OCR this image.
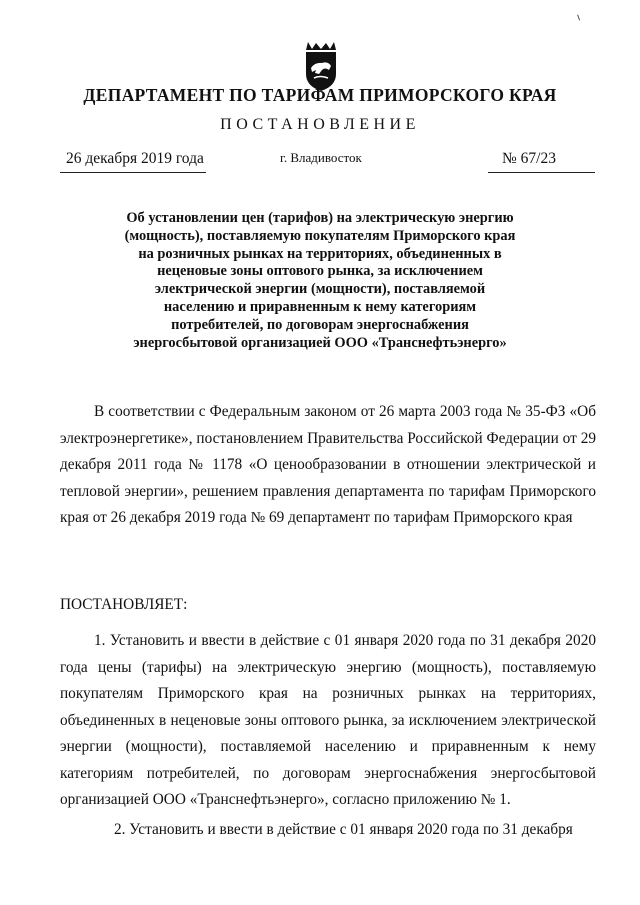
ДЕПАРТАМЕНТ ПО ТАРИФАМ ПРИМОРСКОГО КРАЯ
ПОСТАНОВЛЕНИЕ
26 декабря 2019 года	г. Владивосток	№ 67/23
Об установлении цен (тарифов) на электрическую энергию (мощность), поставляемую покупателям Приморского края на розничных рынках на территориях, объединенных в неценовые зоны оптового рынка, за исключением электрической энергии (мощности), поставляемой населению и приравненным к нему категориям потребителей, по договорам энергоснабжения энергосбытовой организацией ООО «Транснефтьэнерго»
В соответствии с Федеральным законом от 26 марта 2003 года № 35-ФЗ «Об электроэнергетике», постановлением Правительства Российской Федерации от 29 декабря 2011 года № 1178 «О ценообразовании в отношении электрической и тепловой энергии», решением правления департамента по тарифам Приморского края от 26 декабря 2019 года № 69 департамент по тарифам Приморского края
ПОСТАНОВЛЯЕТ:
1. Установить и ввести в действие с 01 января 2020 года по 31 декабря 2020 года цены (тарифы) на электрическую энергию (мощность), поставляемую покупателям Приморского края на розничных рынках на территориях, объединенных в неценовые зоны оптового рынка, за исключением электрической энергии (мощности), поставляемой населению и приравненным к нему категориям потребителей, по договорам энергоснабжения энергосбытовой организацией ООО «Транснефтьэнерго», согласно приложению № 1.
2. Установить и ввести в действие с 01 января 2020 года по 31 декабря
